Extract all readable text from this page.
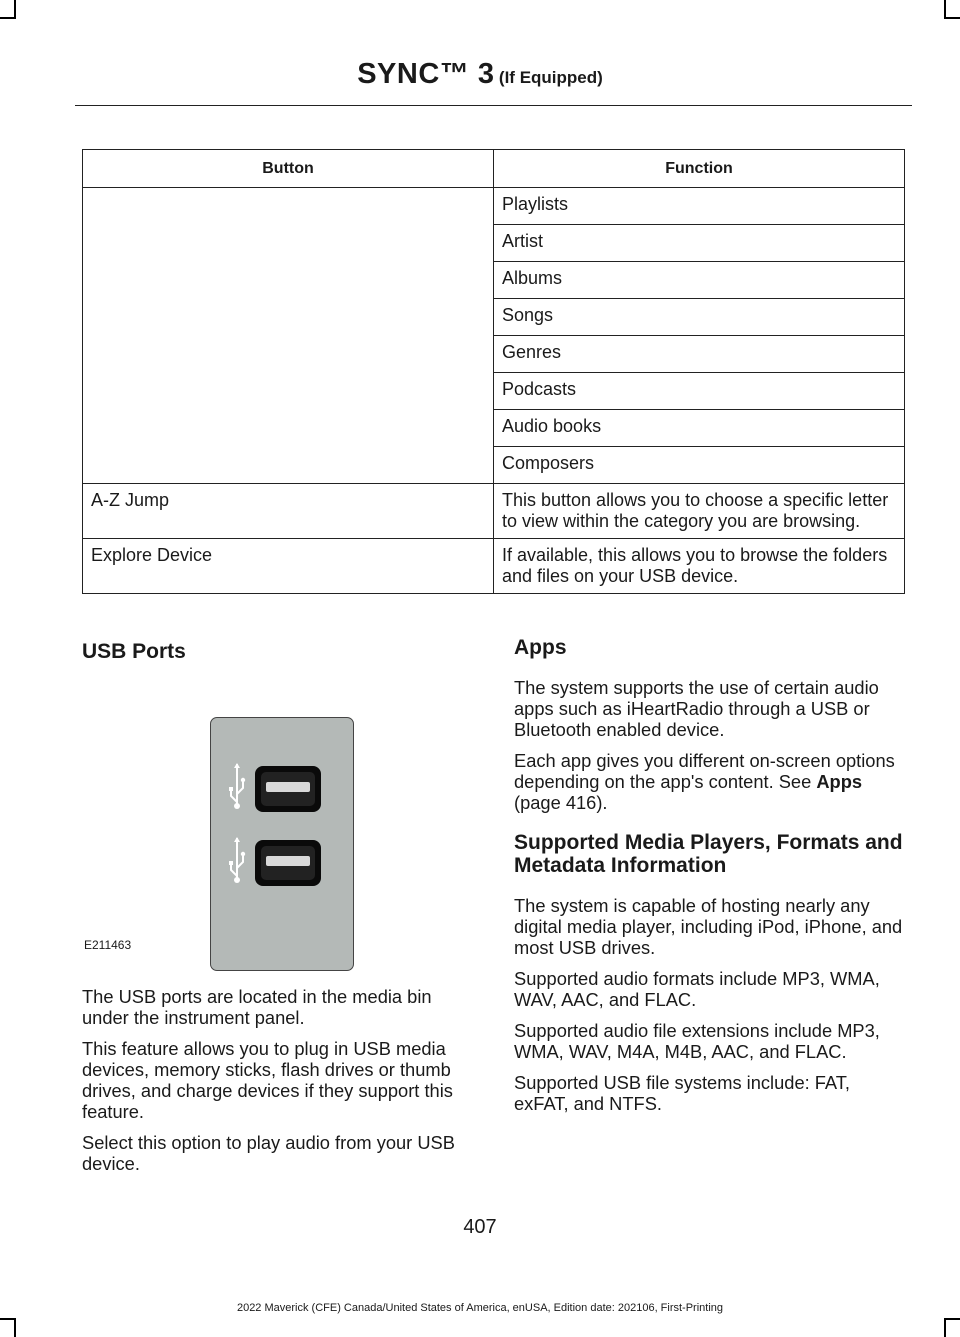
SYNC™ 3 (If Equipped)
Button	Function
	Playlists
	Artist
	Albums
	Songs
	Genres
	Podcasts
	Audio books
	Composers
A-Z Jump	This button allows you to choose a specific letter to view within the category you are browsing.
Explore Device	If available, this allows you to browse the folders and files on your USB device.
USB Ports
E211463

The USB ports are located in the media bin under the instrument panel.

This feature allows you to plug in USB media devices, memory sticks, flash drives or thumb drives, and charge devices if they support this feature.

Select this option to play audio from your USB device.

Apps

The system supports the use of certain audio apps such as iHeartRadio through a USB or Bluetooth enabled device.

Each app gives you different on-screen options depending on the app's content. See Apps (page 416).

Supported Media Players, Formats and Metadata Information

The system is capable of hosting nearly any digital media player, including iPod, iPhone, and most USB drives.

Supported audio formats include MP3, WMA, WAV, AAC, and FLAC.

Supported audio file extensions include MP3, WMA, WAV, M4A, M4B, AAC, and FLAC.

Supported USB file systems include: FAT, exFAT, and NTFS.

407
2022 Maverick (CFE) Canada/United States of America, enUSA, Edition date: 202106, First-Printing
